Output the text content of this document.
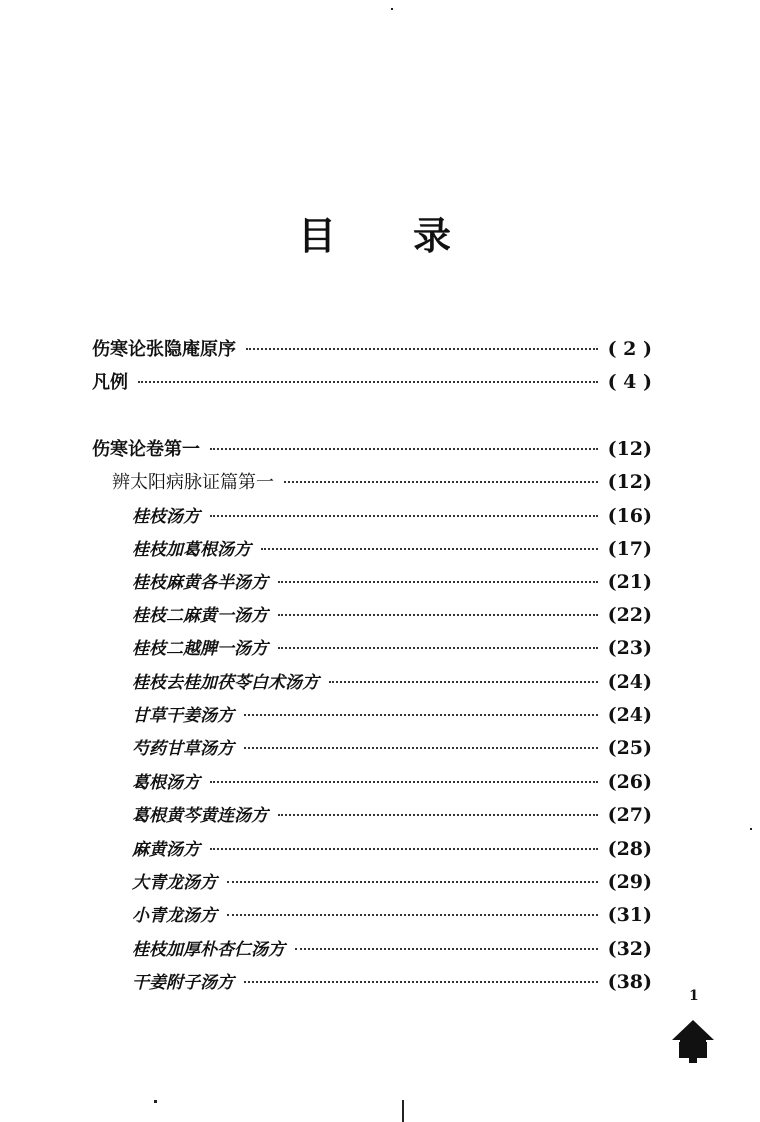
目 录
伤寒论张隐庵原序	( 2 )
凡例	( 4 )
伤寒论卷第一	(12)
辨太阳病脉证篇第一	(12)
桂枝汤方	(16)
桂枝加葛根汤方	(17)
桂枝麻黄各半汤方	(21)
桂枝二麻黄一汤方	(22)
桂枝二越脾一汤方	(23)
桂枝去桂加茯苓白术汤方	(24)
甘草干姜汤方	(24)
芍药甘草汤方	(25)
葛根汤方	(26)
葛根黄芩黄连汤方	(27)
麻黄汤方	(28)
大青龙汤方	(29)
小青龙汤方	(31)
桂枝加厚朴杏仁汤方	(32)
干姜附子汤方	(38)
1
